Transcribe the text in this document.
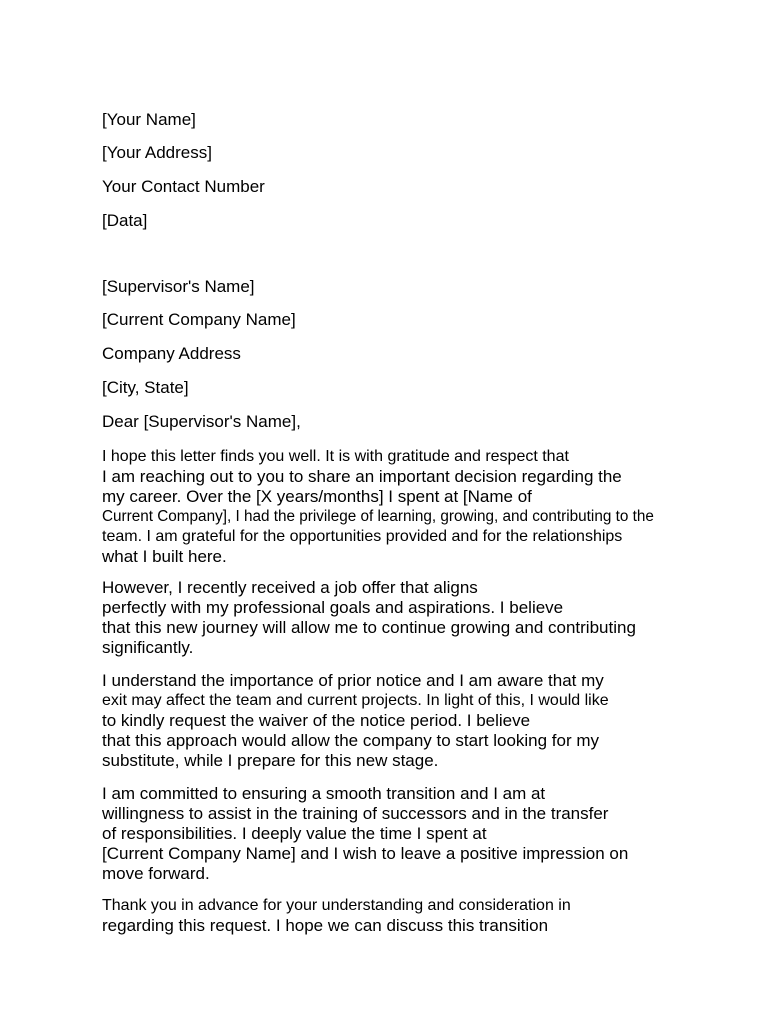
[Your Name]
[Your Address]
Your Contact Number
[Data]
[Supervisor's Name]
[Current Company Name]
Company Address
[City, State]
Dear [Supervisor's Name],
I hope this letter finds you well. It is with gratitude and respect that
I am reaching out to you to share an important decision regarding the
my career. Over the [X years/months] I spent at [Name of
Current Company], I had the privilege of learning, growing, and contributing to the
team. I am grateful for the opportunities provided and for the relationships
what I built here.
However, I recently received a job offer that aligns
perfectly with my professional goals and aspirations. I believe
that this new journey will allow me to continue growing and contributing
significantly.
I understand the importance of prior notice and I am aware that my
exit may affect the team and current projects. In light of this, I would like
to kindly request the waiver of the notice period. I believe
that this approach would allow the company to start looking for my
substitute, while I prepare for this new stage.
I am committed to ensuring a smooth transition and I am at
willingness to assist in the training of successors and in the transfer
of responsibilities. I deeply value the time I spent at
[Current Company Name] and I wish to leave a positive impression on
move forward.
Thank you in advance for your understanding and consideration in
regarding this request. I hope we can discuss this transition
